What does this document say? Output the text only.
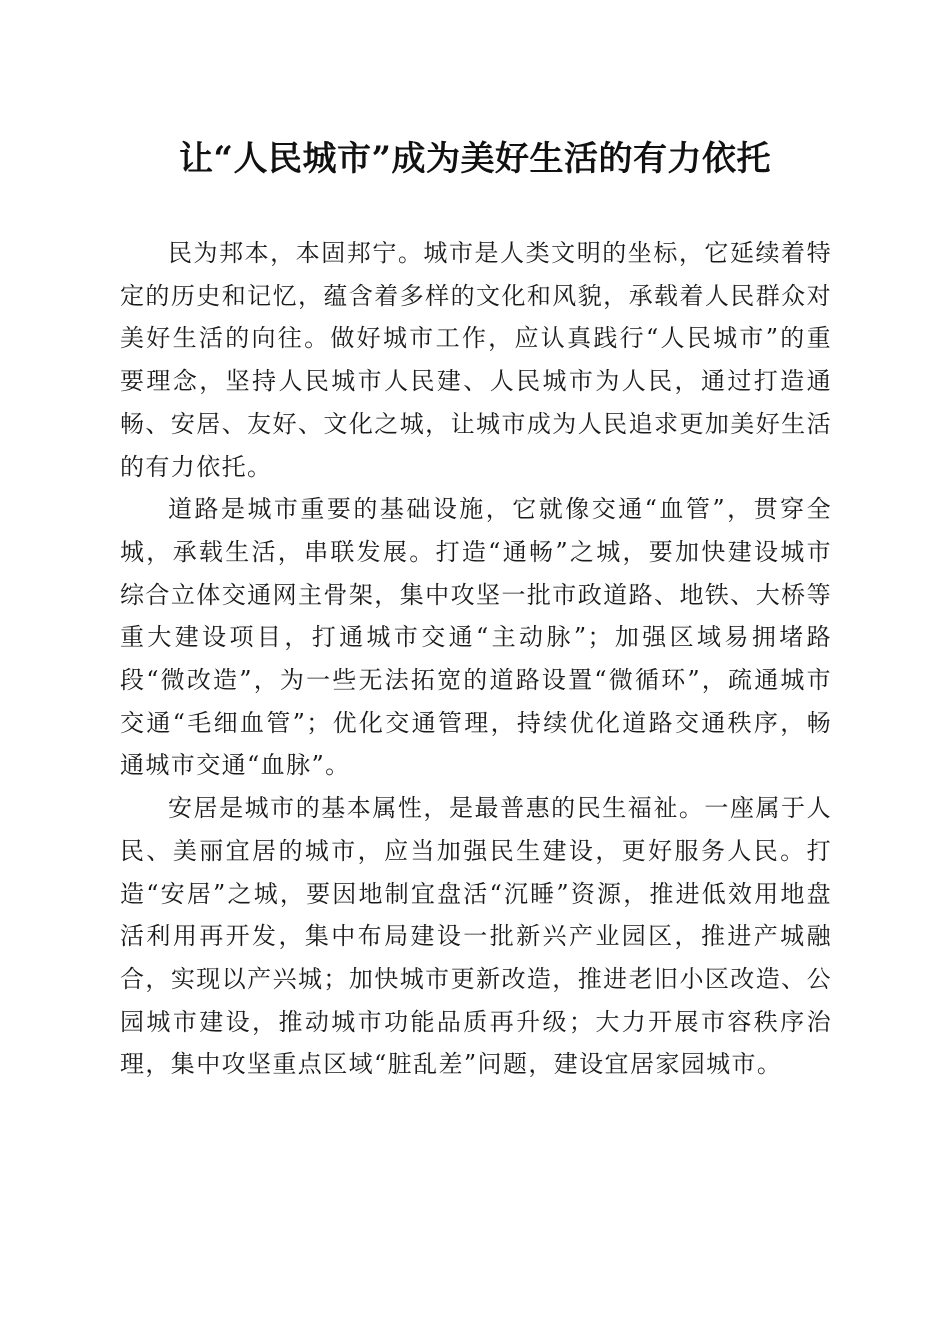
让“人民城市”成为美好生活的有力依托

民为邦本，本固邦宁。城市是人类文明的坐标，它延续着特定的历史和记忆，蕴含着多样的文化和风貌，承载着人民群众对美好生活的向往。做好城市工作，应认真践行“人民城市”的重要理念，坚持人民城市人民建、人民城市为人民，通过打造通畅、安居、友好、文化之城，让城市成为人民追求更加美好生活的有力依托。

道路是城市重要的基础设施，它就像交通“血管”，贯穿全城，承载生活，串联发展。打造“通畅”之城，要加快建设城市综合立体交通网主骨架，集中攻坚一批市政道路、地铁、大桥等重大建设项目，打通城市交通“主动脉”；加强区域易拥堵路段“微改造”，为一些无法拓宽的道路设置“微循环”，疏通城市交通“毛细血管”；优化交通管理，持续优化道路交通秩序，畅通城市交通“血脉”。

安居是城市的基本属性，是最普惠的民生福祉。一座属于人民、美丽宜居的城市，应当加强民生建设，更好服务人民。打造“安居”之城，要因地制宜盘活“沉睡”资源，推进低效用地盘活利用再开发，集中布局建设一批新兴产业园区，推进产城融合，实现以产兴城；加快城市更新改造，推进老旧小区改造、公园城市建设，推动城市功能品质再升级；大力开展市容秩序治理，集中攻坚重点区域“脏乱差”问题，建设宜居家园城市。
